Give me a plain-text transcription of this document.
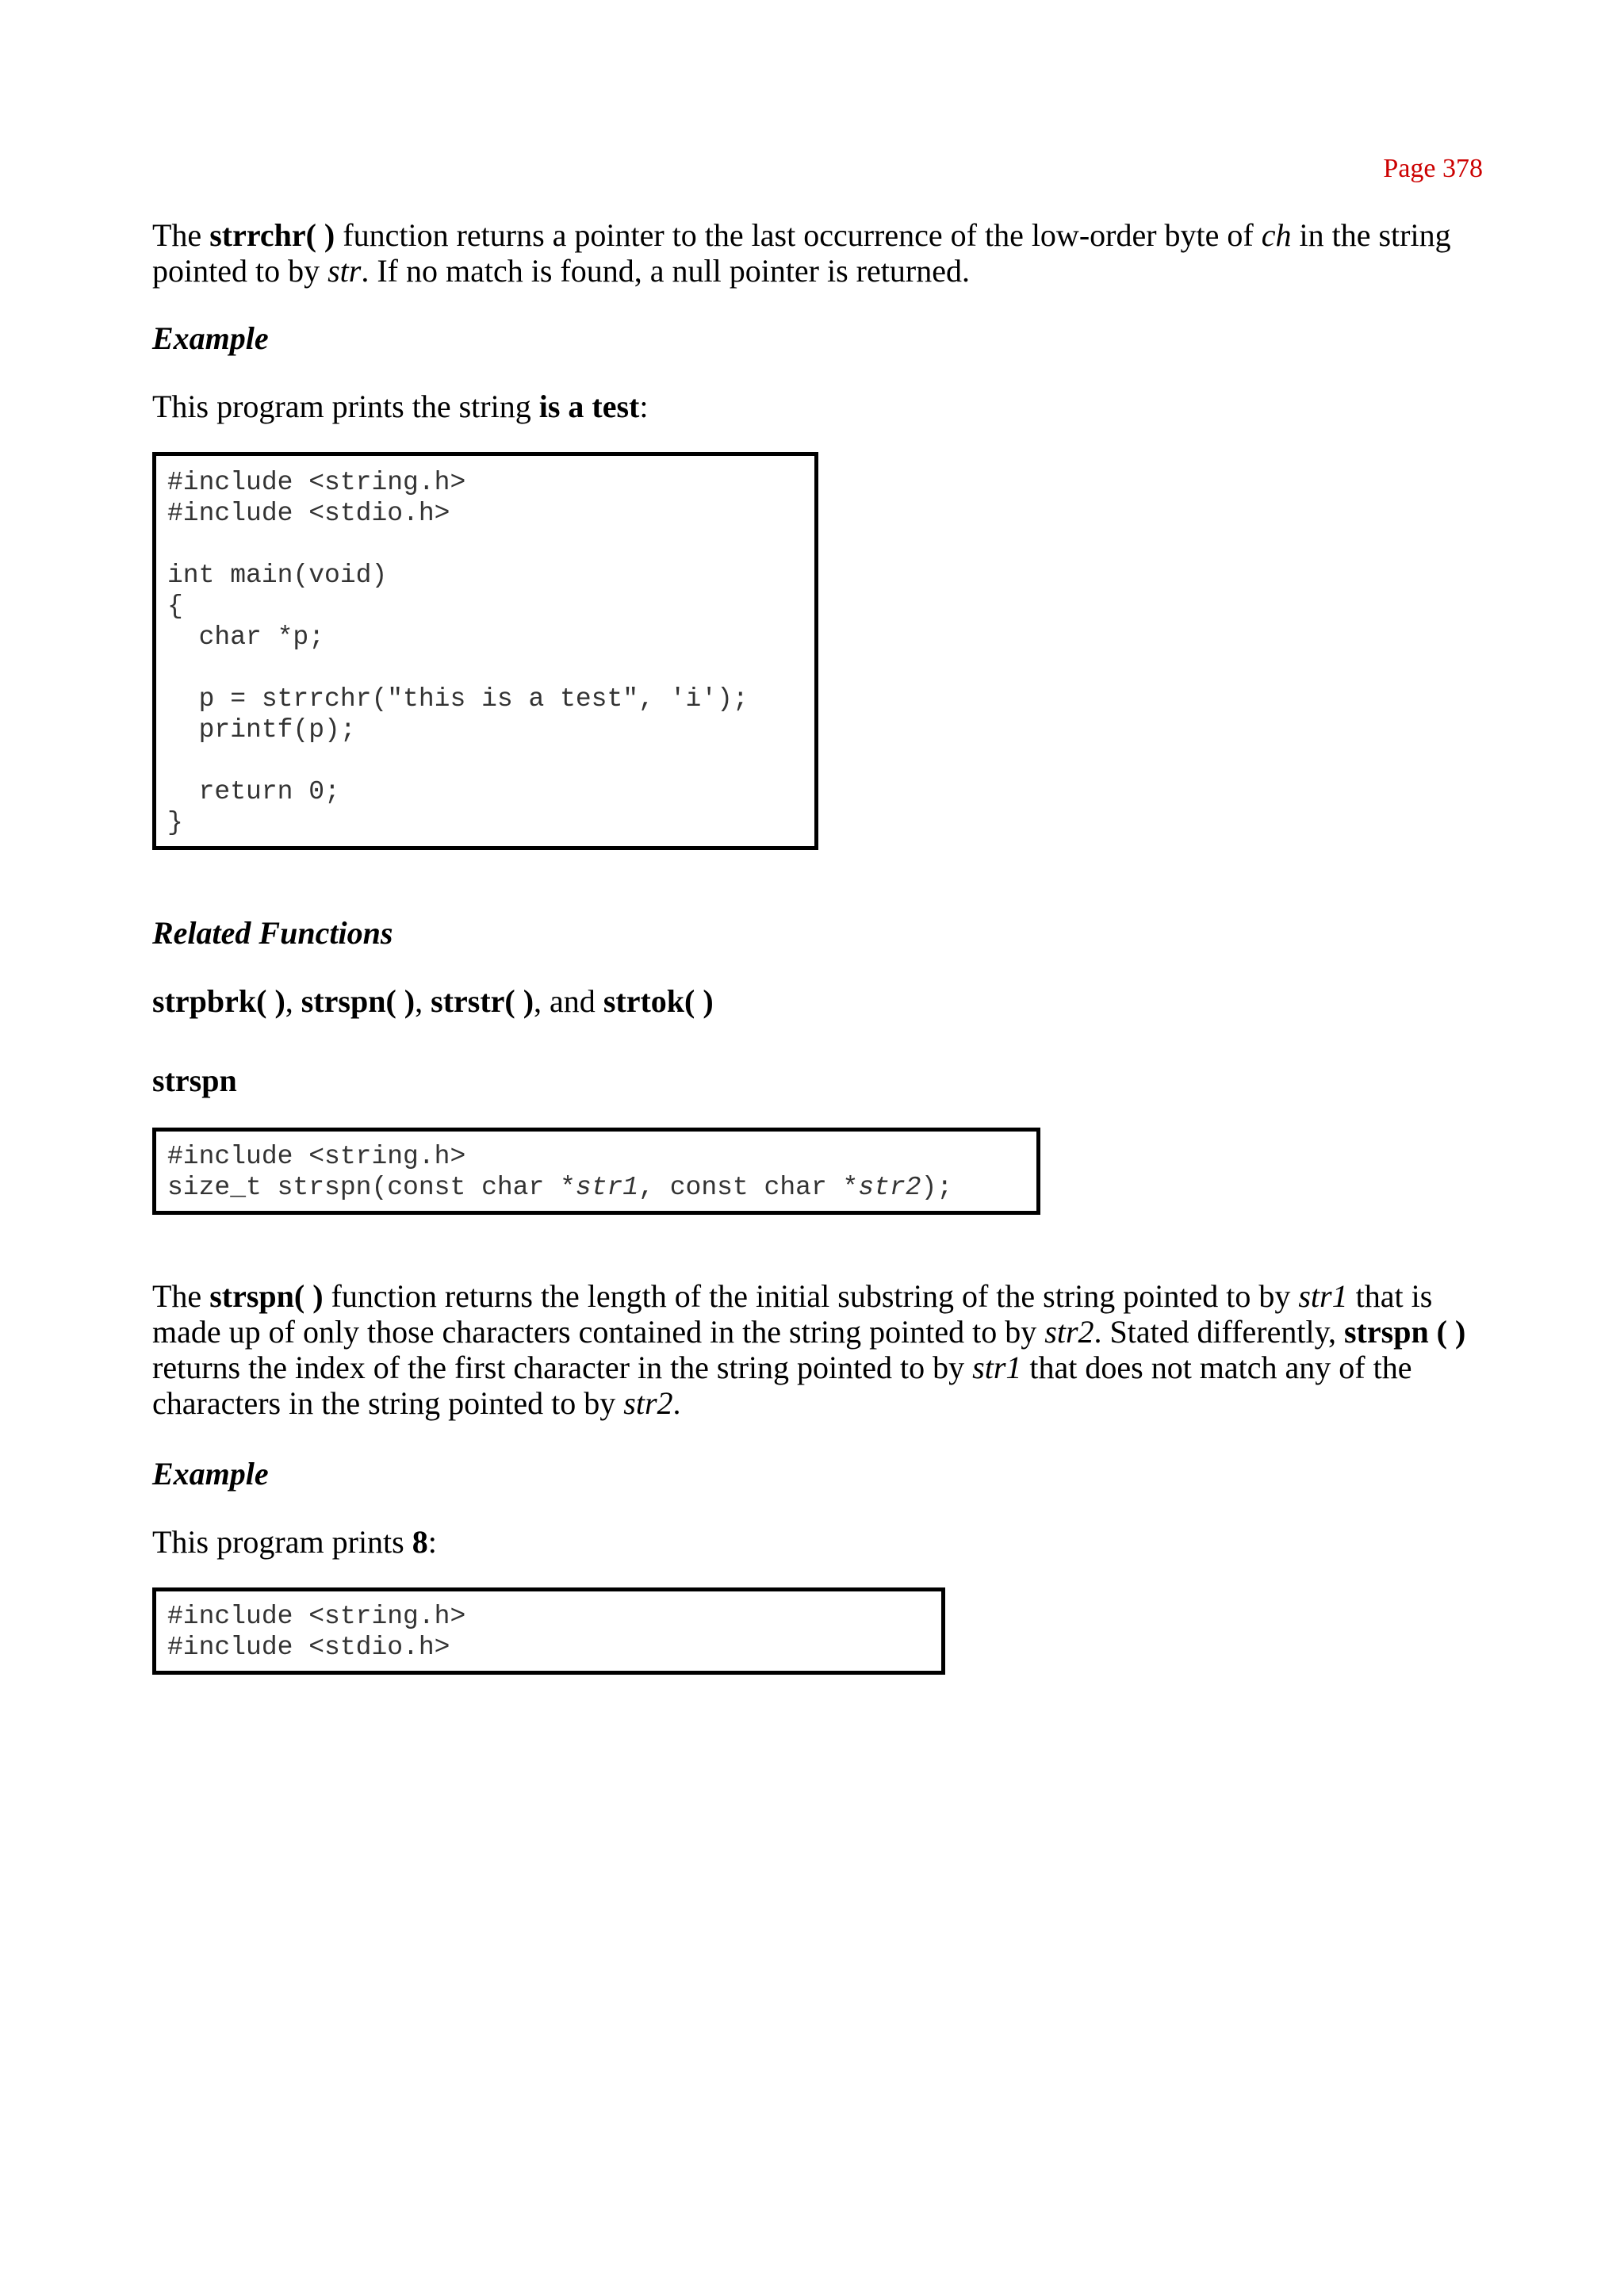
Page 378

The strrchr( ) function returns a pointer to the last occurrence of the low-order byte of ch in the string pointed to by str. If no match is found, a null pointer is returned.

Example

This program prints the string is a test:

#include <string.h>
#include <stdio.h>
int main(void)
{
char *p;
p = strrchr("this is a test", 'i');
printf(p);
return 0;
}

Related Functions

strpbrk( ), strspn( ), strstr( ), and strtok( )

strspn

#include <string.h>
size_t strspn(const char *str1, const char *str2);

The strspn( ) function returns the length of the initial substring of the string pointed to by str1 that is made up of only those characters contained in the string pointed to by str2. Stated differently, strspn ( ) returns the index of the first character in the string pointed to by str1 that does not match any of the characters in the string pointed to by str2.

Example

This program prints 8:

#include <string.h>
#include <stdio.h>
